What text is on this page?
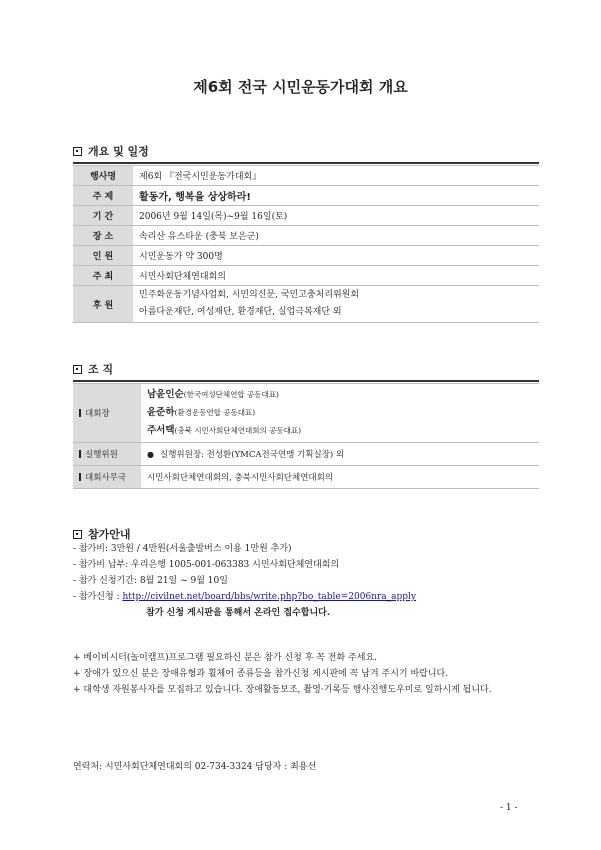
제6회 전국 시민운동가대회 개요
개요 및 일정
행사명	제6회 『전국시민운동가대회』
주 제	활동가, 행복을 상상하라!
기 간	2006년 9월 14일(목)~9월 16일(토)
장 소	속리산 유스타운 (충북 보은군)
인 원	시민운동가 약 300명
주 최	시민사회단체연대회의
후 원	민주화운동기념사업회, 시민의신문, 국민고충처리위원회
아름다운재단, 여성재단, 환경재단, 실업극복재단 외
조 직
대회장	남윤인순(한국여성단체연합 공동대표)
윤준하(환경운동연합 공동대표)
주서택(충북 시민사회단체연대회의 공동대표)

실행위원	● 실행위원장: 전성환(YMCA전국연맹 기획실장) 외
대회사무국	시민사회단체연대회의, 충북시민사회단체연대회의
참가안내
- 참가비: 3만원 / 4만원(서울출발버스 이용 1만원 추가)
- 참가비 납부: 우리은행 1005-001-063383 시민사회단체연대회의
- 참가 신청기간: 8월 21일 ~ 9월 10일
- 참가신청 : http://civilnet.net/board/bbs/write.php?bo_table=2006nra_apply
참가 신청 게시판을 통해서 온라인 접수합니다.
+ 베이비시터(놀이캠프)프로그램 필요하신 분은 참가 신청 후 꼭 전화 주세요.
+ 장애가 있으신 분은 장애유형과 휠체어 종류등을 참가신청 게시판에 꼭 남겨 주시기 바랍니다.
+ 대학생 자원봉사자를 모집하고 있습니다. 장애활동보조, 촬영·기록등 행사진행도우미로 일하시게 됩니다.
연락처: 시민사회단체연대회의 02-734-3324 담당자 : 최용선
- 1 -
